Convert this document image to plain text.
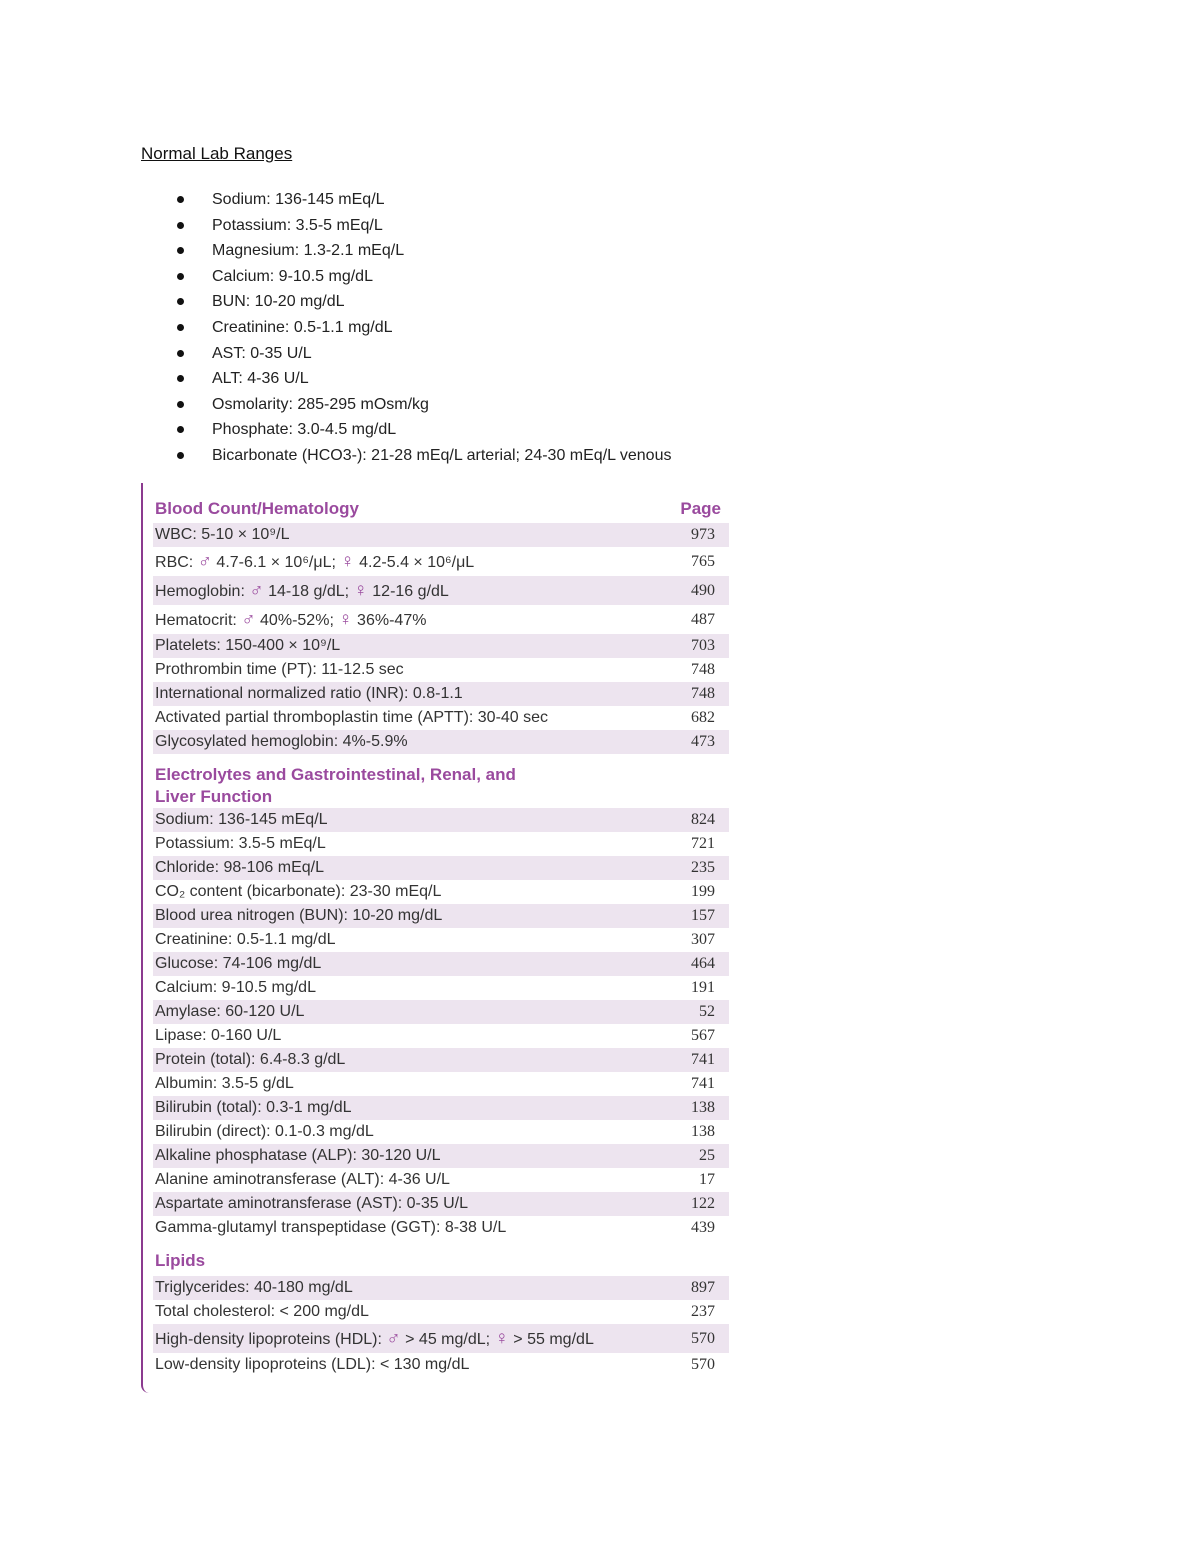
Normal Lab Ranges
Sodium: 136-145 mEq/L
Potassium: 3.5-5 mEq/L
Magnesium: 1.3-2.1 mEq/L
Calcium: 9-10.5 mg/dL
BUN: 10-20 mg/dL
Creatinine: 0.5-1.1 mg/dL
AST: 0-35 U/L
ALT: 4-36 U/L
Osmolarity: 285-295 mOsm/kg
Phosphate: 3.0-4.5 mg/dL
Bicarbonate (HCO3-): 21-28 mEq/L arterial; 24-30 mEq/L venous
Blood Count/Hematology	Page
WBC: 5-10 × 10⁹/L	973
RBC: ♂ 4.7-6.1 × 10⁶/μL; ♀ 4.2-5.4 × 10⁶/μL	765
Hemoglobin: ♂ 14-18 g/dL; ♀ 12-16 g/dL	490
Hematocrit: ♂ 40%-52%; ♀ 36%-47%	487
Platelets: 150-400 × 10⁹/L	703
Prothrombin time (PT): 11-12.5 sec	748
International normalized ratio (INR): 0.8-1.1	748
Activated partial thromboplastin time (APTT): 30-40 sec	682
Glycosylated hemoglobin: 4%-5.9%	473
Electrolytes and Gastrointestinal, Renal, and
Liver Function
Sodium: 136-145 mEq/L	824
Potassium: 3.5-5 mEq/L	721
Chloride: 98-106 mEq/L	235
CO₂ content (bicarbonate): 23-30 mEq/L	199
Blood urea nitrogen (BUN): 10-20 mg/dL	157
Creatinine: 0.5-1.1 mg/dL	307
Glucose: 74-106 mg/dL	464
Calcium: 9-10.5 mg/dL	191
Amylase: 60-120 U/L	52
Lipase: 0-160 U/L	567
Protein (total): 6.4-8.3 g/dL	741
Albumin: 3.5-5 g/dL	741
Bilirubin (total): 0.3-1 mg/dL	138
Bilirubin (direct): 0.1-0.3 mg/dL	138
Alkaline phosphatase (ALP): 30-120 U/L	25
Alanine aminotransferase (ALT): 4-36 U/L	17
Aspartate aminotransferase (AST): 0-35 U/L	122
Gamma-glutamyl transpeptidase (GGT): 8-38 U/L	439
Lipids
Triglycerides: 40-180 mg/dL	897
Total cholesterol: < 200 mg/dL	237
High-density lipoproteins (HDL): ♂ > 45 mg/dL; ♀ > 55 mg/dL	570
Low-density lipoproteins (LDL): < 130 mg/dL	570
